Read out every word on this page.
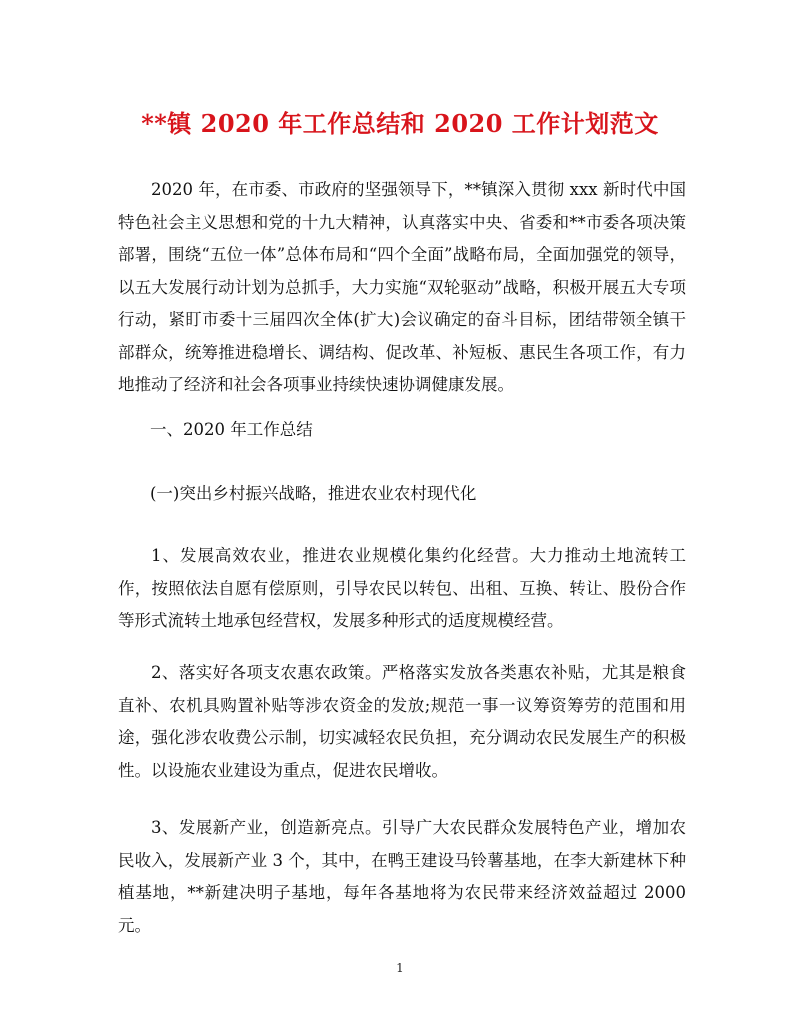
**镇 2020 年工作总结和 2020 工作计划范文

2020 年，在市委、市政府的坚强领导下，**镇深入贯彻 xxx 新时代中国特色社会主义思想和党的十九大精神，认真落实中央、省委和**市委各项决策部署，围绕“五位一体”总体布局和“四个全面”战略布局，全面加强党的领导，以五大发展行动计划为总抓手，大力实施“双轮驱动”战略，积极开展五大专项行动，紧盯市委十三届四次全体(扩大)会议确定的奋斗目标，团结带领全镇干部群众，统筹推进稳增长、调结构、促改革、补短板、惠民生各项工作，有力地推动了经济和社会各项事业持续快速协调健康发展。

一、2020 年工作总结

(一)突出乡村振兴战略，推进农业农村现代化

1、发展高效农业，推进农业规模化集约化经营。大力推动土地流转工作，按照依法自愿有偿原则，引导农民以转包、出租、互换、转让、股份合作等形式流转土地承包经营权，发展多种形式的适度规模经营。

2、落实好各项支农惠农政策。严格落实发放各类惠农补贴，尤其是粮食直补、农机具购置补贴等涉农资金的发放;规范一事一议筹资筹劳的范围和用途，强化涉农收费公示制，切实减轻农民负担，充分调动农民发展生产的积极性。以设施农业建设为重点，促进农民增收。

3、发展新产业，创造新亮点。引导广大农民群众发展特色产业，增加农民收入，发展新产业 3 个，其中，在鸭王建设马铃薯基地，在李大新建林下种植基地，**新建决明子基地，每年各基地将为农民带来经济效益超过 2000 元。

1
